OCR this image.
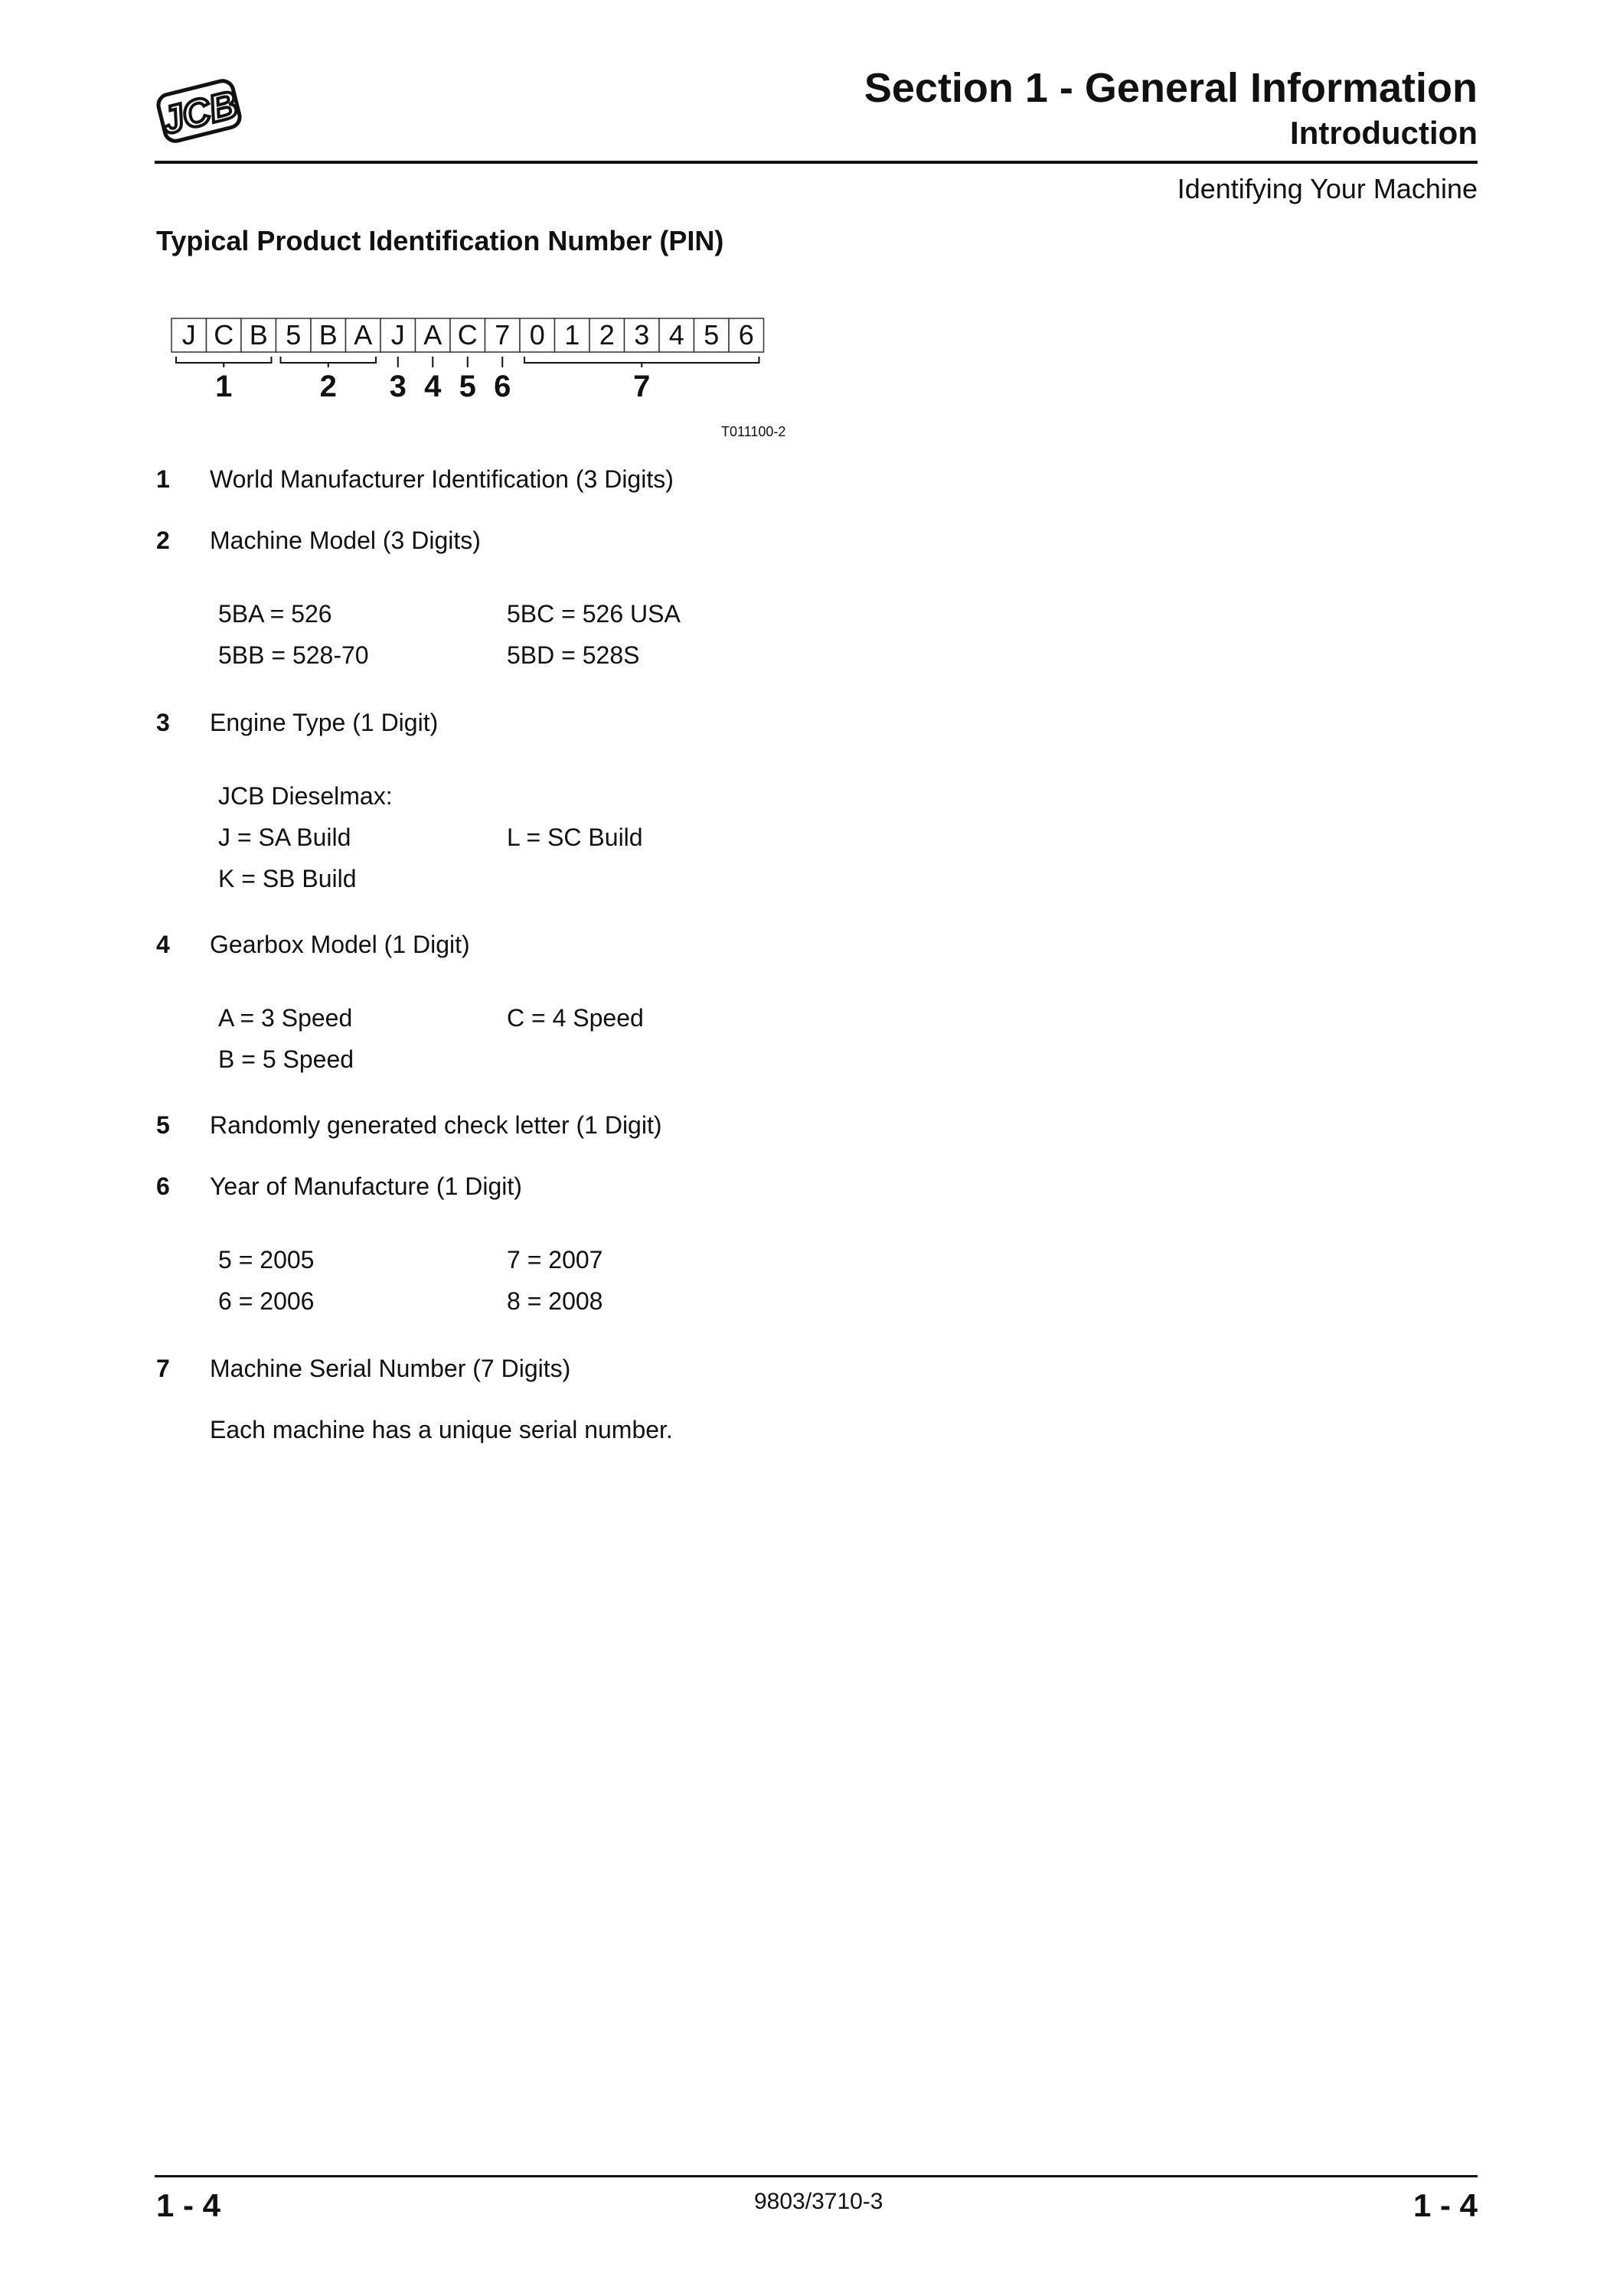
JCB	Section 1 - General Information
Introduction
Identifying Your Machine
Typical Product Identification Number (PIN)
J C B 5 B A J A C 7 0 1 2 3 4 5 6
1	2 3 4 5 6	7
T011100-2
1 World Manufacturer Identification (3 Digits)
2 Machine Model (3 Digits)
5BA = 526	5BC = 526 USA
5BB = 528-70	5BD = 528S
3 Engine Type (1 Digit)
JCB Dieselmax:
J = SA Build	L = SC Build
K = SB Build
4 Gearbox Model (1 Digit)
A = 3 Speed	C = 4 Speed
B = 5 Speed
5 Randomly generated check letter (1 Digit)
6 Year of Manufacture (1 Digit)
5 = 2005	7 = 2007
6 = 2006	8 = 2008
7 Machine Serial Number (7 Digits)
Each machine has a unique serial number.
1 - 4	9803/3710-3	1 - 4
